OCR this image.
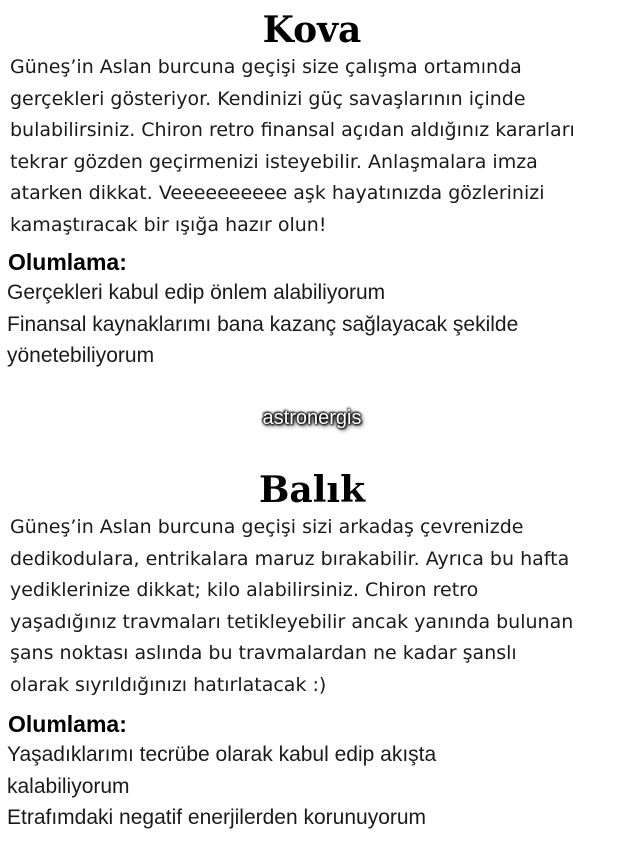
Kova
Güneş’in Aslan burcuna geçişi size çalışma ortamında
gerçekleri gösteriyor. Kendinizi güç savaşlarının içinde
bulabilirsiniz. Chiron retro finansal açıdan aldığınız kararları
tekrar gözden geçirmenizi isteyebilir. Anlaşmalara imza
atarken dikkat. Veeeeeeeeee aşk hayatınızda gözlerinizi
kamaştıracak bir ışığa hazır olun!
Olumlama:
Gerçekleri kabul edip önlem alabiliyorum
Finansal kaynaklarımı bana kazanç sağlayacak şekilde
yönetebiliyorum
astronergis
Balık
Güneş’in Aslan burcuna geçişi sizi arkadaş çevrenizde
dedikodulara, entrikalara maruz bırakabilir. Ayrıca bu hafta
yediklerinize dikkat; kilo alabilirsiniz. Chiron retro
yaşadığınız travmaları tetikleyebilir ancak yanında bulunan
şans noktası aslında bu travmalardan ne kadar şanslı
olarak sıyrıldığınızı hatırlatacak :)
Olumlama:
Yaşadıklarımı tecrübe olarak kabul edip akışta
kalabiliyorum
Etrafımdaki negatif enerjilerden korunuyorum
